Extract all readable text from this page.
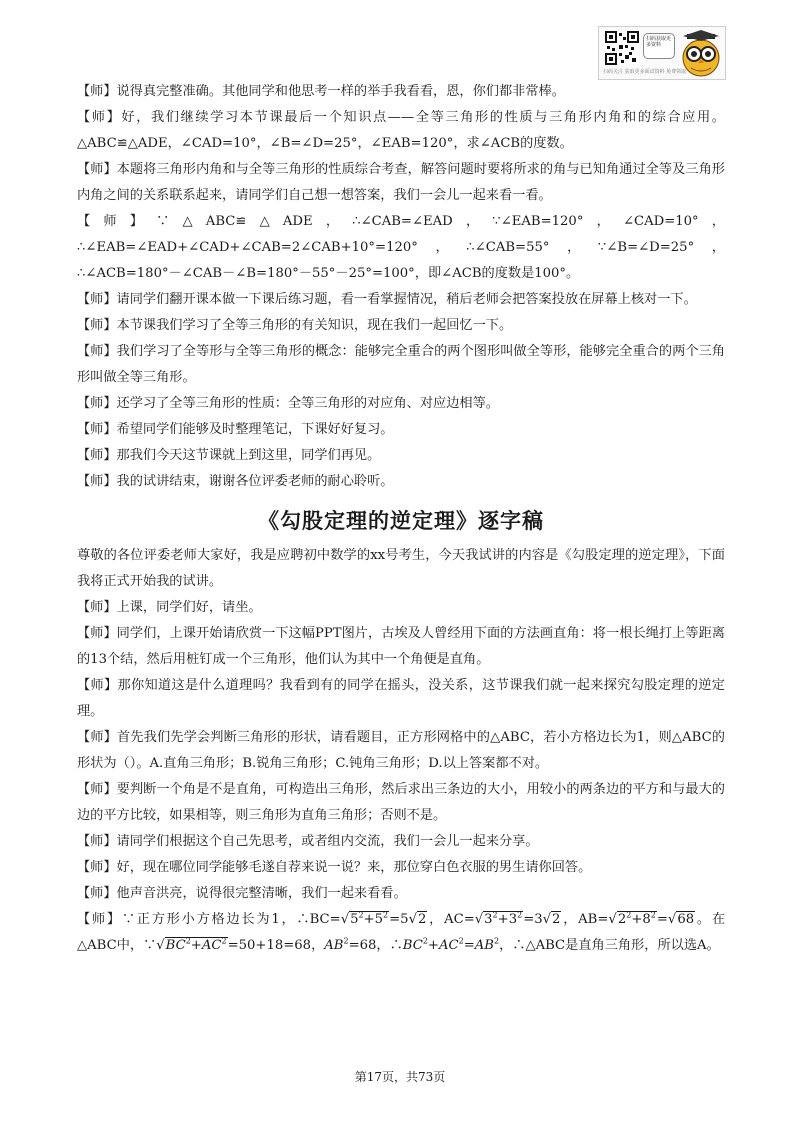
扫码获取更多资料
扫码关注 获取更多面试资料 免费领取

【师】说得真完整准确。其他同学和他思考一样的举手我看看，恩，你们都非常棒。

【师】好，我们继续学习本节课最后一个知识点——全等三角形的性质与三角形内角和的综合应用。△ABC≌△ADE，∠CAD=10°，∠B=∠D=25°，∠EAB=120°，求∠ACB的度数。

【师】本题将三角形内角和与全等三角形的性质综合考查，解答问题时要将所求的角与已知角通过全等及三角形内角之间的关系联系起来，请同学们自己想一想答案，我们一会儿一起来看一看。

【师】∵△ABC≌△ADE，∴∠CAB=∠EAD，∵∠EAB=120°，∠CAD=10°，∴∠EAB=∠EAD+∠CAD+∠CAB=2∠CAB+10°=120°，∴∠CAB=55°，∵∠B=∠D=25°，∴∠ACB=180°－∠CAB－∠B=180°－55°－25°=100°，即∠ACB的度数是100°。

【师】请同学们翻开课本做一下课后练习题，看一看掌握情况，稍后老师会把答案投放在屏幕上核对一下。

【师】本节课我们学习了全等三角形的有关知识，现在我们一起回忆一下。

【师】我们学习了全等形与全等三角形的概念：能够完全重合的两个图形叫做全等形，能够完全重合的两个三角形叫做全等三角形。

【师】还学习了全等三角形的性质：全等三角形的对应角、对应边相等。

【师】希望同学们能够及时整理笔记，下课好好复习。

【师】那我们今天这节课就上到这里，同学们再见。

【师】我的试讲结束，谢谢各位评委老师的耐心聆听。

《勾股定理的逆定理》逐字稿

尊敬的各位评委老师大家好，我是应聘初中数学的xx号考生，今天我试讲的内容是《勾股定理的逆定理》，下面我将正式开始我的试讲。

【师】上课，同学们好，请坐。

【师】同学们，上课开始请欣赏一下这幅PPT图片，古埃及人曾经用下面的方法画直角：将一根长绳打上等距离的13个结，然后用桩钉成一个三角形，他们认为其中一个角便是直角。

【师】那你知道这是什么道理吗？我看到有的同学在摇头，没关系，这节课我们就一起来探究勾股定理的逆定理。

【师】首先我们先学会判断三角形的形状，请看题目，正方形网格中的△ABC，若小方格边长为1，则△ABC的形状为（）。A.直角三角形；B.锐角三角形；C.钝角三角形；D.以上答案都不对。

【师】要判断一个角是不是直角，可构造出三角形，然后求出三条边的大小，用较小的两条边的平方和与最大的边的平方比较，如果相等，则三角形为直角三角形；否则不是。

【师】请同学们根据这个自己先思考，或者组内交流，我们一会儿一起来分享。

【师】好，现在哪位同学能够毛遂自荐来说一说？来，那位穿白色衣服的男生请你回答。

【师】他声音洪亮，说得很完整清晰，我们一起来看看。

【师】∵正方形小方格边长为1，$\therefore BC=√5^2+5^2=5√2$，$AC=√3^2+3^2=3√2$，$AB=√2^2+8^2=√68$。在△ABC中，$\because√BC^2+AC^2=50+18=68$，$AB^2=68$，$\therefore BC^2+AC^2=AB^2$，∴△ABC是直角三角形，所以选A。

第17页，共73页
